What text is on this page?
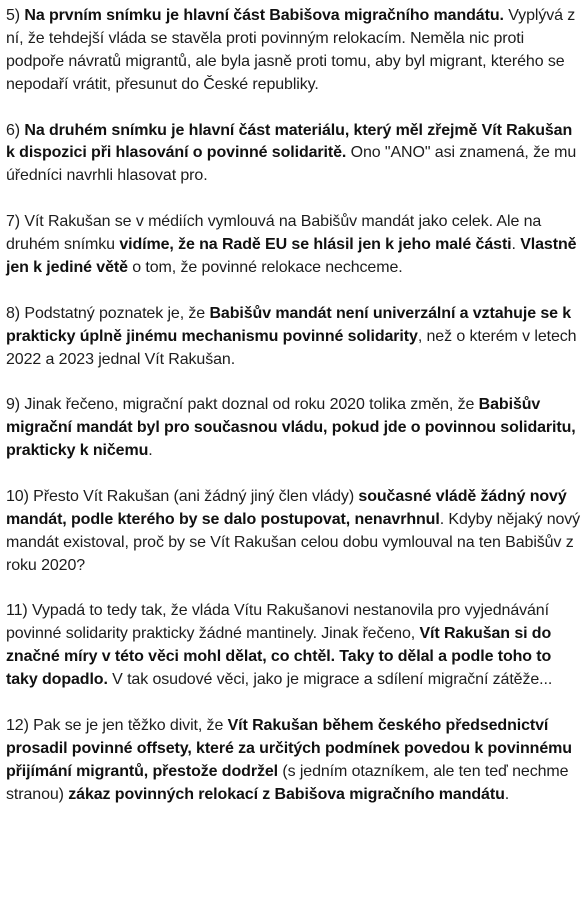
5) Na prvním snímku je hlavní část Babišova migračního mandátu. Vyplývá z ní, že tehdejší vláda se stavěla proti povinným relokacím. Neměla nic proti podpoře návratů migrantů, ale byla jasně proti tomu, aby byl migrant, kterého se nepodaří vrátit, přesunut do České republiky.

6) Na druhém snímku je hlavní část materiálu, který měl zřejmě Vít Rakušan k dispozici při hlasování o povinné solidaritě. Ono "ANO" asi znamená, že mu úředníci navrhli hlasovat pro.

7) Vít Rakušan se v médiích vymlouvá na Babišův mandát jako celek. Ale na druhém snímku vidíme, že na Radě EU se hlásil jen k jeho malé části. Vlastně jen k jediné větě o tom, že povinné relokace nechceme.

8) Podstatný poznatek je, že Babišův mandát není univerzální a vztahuje se k prakticky úplně jinému mechanismu povinné solidarity, než o kterém v letech 2022 a 2023 jednal Vít Rakušan.

9) Jinak řečeno, migrační pakt doznal od roku 2020 tolika změn, že Babišův migrační mandát byl pro současnou vládu, pokud jde o povinnou solidaritu, prakticky k ničemu.

10) Přesto Vít Rakušan (ani žádný jiný člen vlády) současné vládě žádný nový mandát, podle kterého by se dalo postupovat, nenavrhnul. Kdyby nějaký nový mandát existoval, proč by se Vít Rakušan celou dobu vymlouval na ten Babišův z roku 2020?

11) Vypadá to tedy tak, že vláda Vítu Rakušanovi nestanovila pro vyjednávání povinné solidarity prakticky žádné mantinely. Jinak řečeno, Vít Rakušan si do značné míry v této věci mohl dělat, co chtěl. Taky to dělal a podle toho to taky dopadlo. V tak osudové věci, jako je migrace a sdílení migrační zátěže...

12) Pak se je jen těžko divit, že Vít Rakušan během českého předsednictví prosadil povinné offsety, které za určitých podmínek povedou k povinnému přijímání migrantů, přestože dodržel (s jedním otazníkem, ale ten teď nechme stranou) zákaz povinných relokací z Babišova migračního mandátu.
